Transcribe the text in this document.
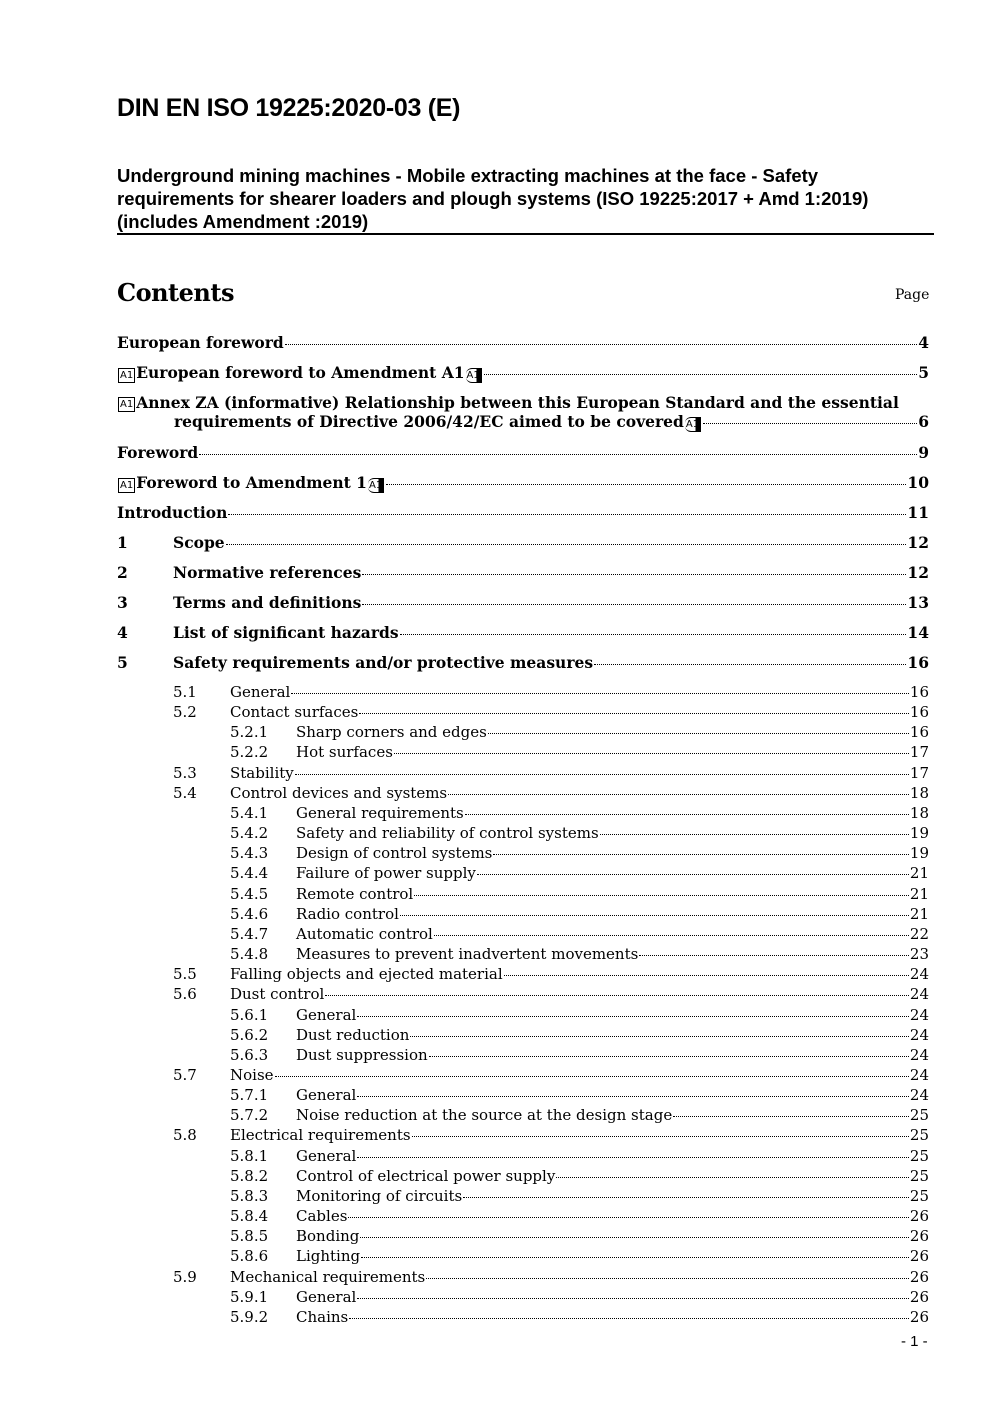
DIN EN ISO 19225:2020-03 (E)
Underground mining machines - Mobile extracting machines at the face - Safety requirements for shearer loaders and plough systems (ISO 19225:2017 + Amd 1:2019) (includes Amendment :2019)
Contents	Page
European foreword	4
A1 European foreword to Amendment A1 A1	5
A1 Annex ZA (informative) Relationship between this European Standard and the essential
requirements of Directive 2006/42/EC aimed to be covered A1	6
Foreword	9
A1 Foreword to Amendment 1 A1	10
Introduction	11
1	Scope	12
2	Normative references	12
3	Terms and definitions	13
4	List of significant hazards	14
5	Safety requirements and/or protective measures	16
5.1	General	16
5.2	Contact surfaces	16
5.2.1	Sharp corners and edges	16
5.2.2	Hot surfaces	17
5.3	Stability	17
5.4	Control devices and systems	18
5.4.1	General requirements	18
5.4.2	Safety and reliability of control systems	19
5.4.3	Design of control systems	19
5.4.4	Failure of power supply	21
5.4.5	Remote control	21
5.4.6	Radio control	21
5.4.7	Automatic control	22
5.4.8	Measures to prevent inadvertent movements	23
5.5	Falling objects and ejected material	24
5.6	Dust control	24
5.6.1	General	24
5.6.2	Dust reduction	24
5.6.3	Dust suppression	24
5.7	Noise	24
5.7.1	General	24
5.7.2	Noise reduction at the source at the design stage	25
5.8	Electrical requirements	25
5.8.1	General	25
5.8.2	Control of electrical power supply	25
5.8.3	Monitoring of circuits	25
5.8.4	Cables	26
5.8.5	Bonding	26
5.8.6	Lighting	26
5.9	Mechanical requirements	26
5.9.1	General	26
5.9.2	Chains	26
- 1 -
